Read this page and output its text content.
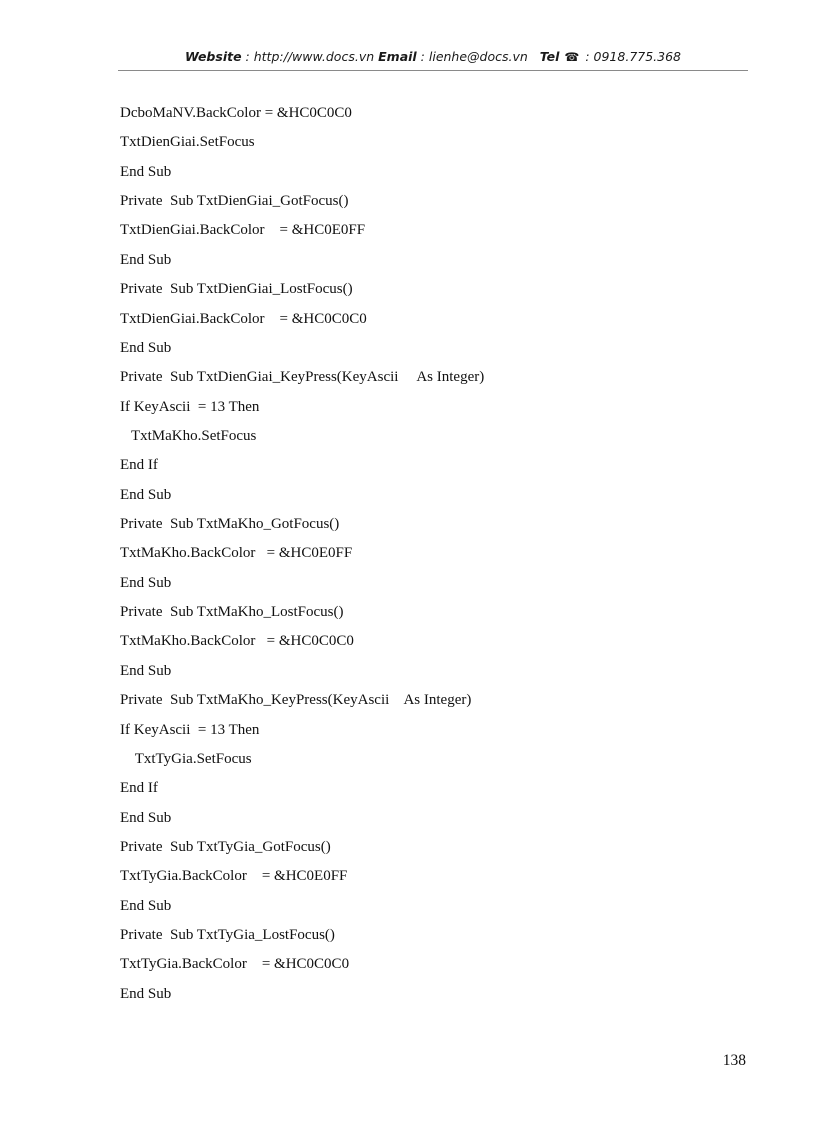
Website : http://www.docs.vn Email : lienhe@docs.vn Tel ☎ : 0918.775.368
DcboMaNV.BackColor = &HC0C0C0
TxtDienGiai.SetFocus
End Sub
Private  Sub TxtDienGiai_GotFocus()
TxtDienGiai.BackColor    = &HC0E0FF
End Sub
Private  Sub TxtDienGiai_LostFocus()
TxtDienGiai.BackColor    = &HC0C0C0
End Sub
Private  Sub TxtDienGiai_KeyPress(KeyAscii     As Integer)
If KeyAscii  = 13 Then
TxtMaKho.SetFocus
End If
End Sub
Private  Sub TxtMaKho_GotFocus()
TxtMaKho.BackColor   = &HC0E0FF
End Sub
Private  Sub TxtMaKho_LostFocus()
TxtMaKho.BackColor   = &HC0C0C0
End Sub
Private  Sub TxtMaKho_KeyPress(KeyAscii    As Integer)
If KeyAscii  = 13 Then
TxtTyGia.SetFocus
End If
End Sub
Private  Sub TxtTyGia_GotFocus()
TxtTyGia.BackColor    = &HC0E0FF
End Sub
Private  Sub TxtTyGia_LostFocus()
TxtTyGia.BackColor    = &HC0C0C0
End Sub
138
